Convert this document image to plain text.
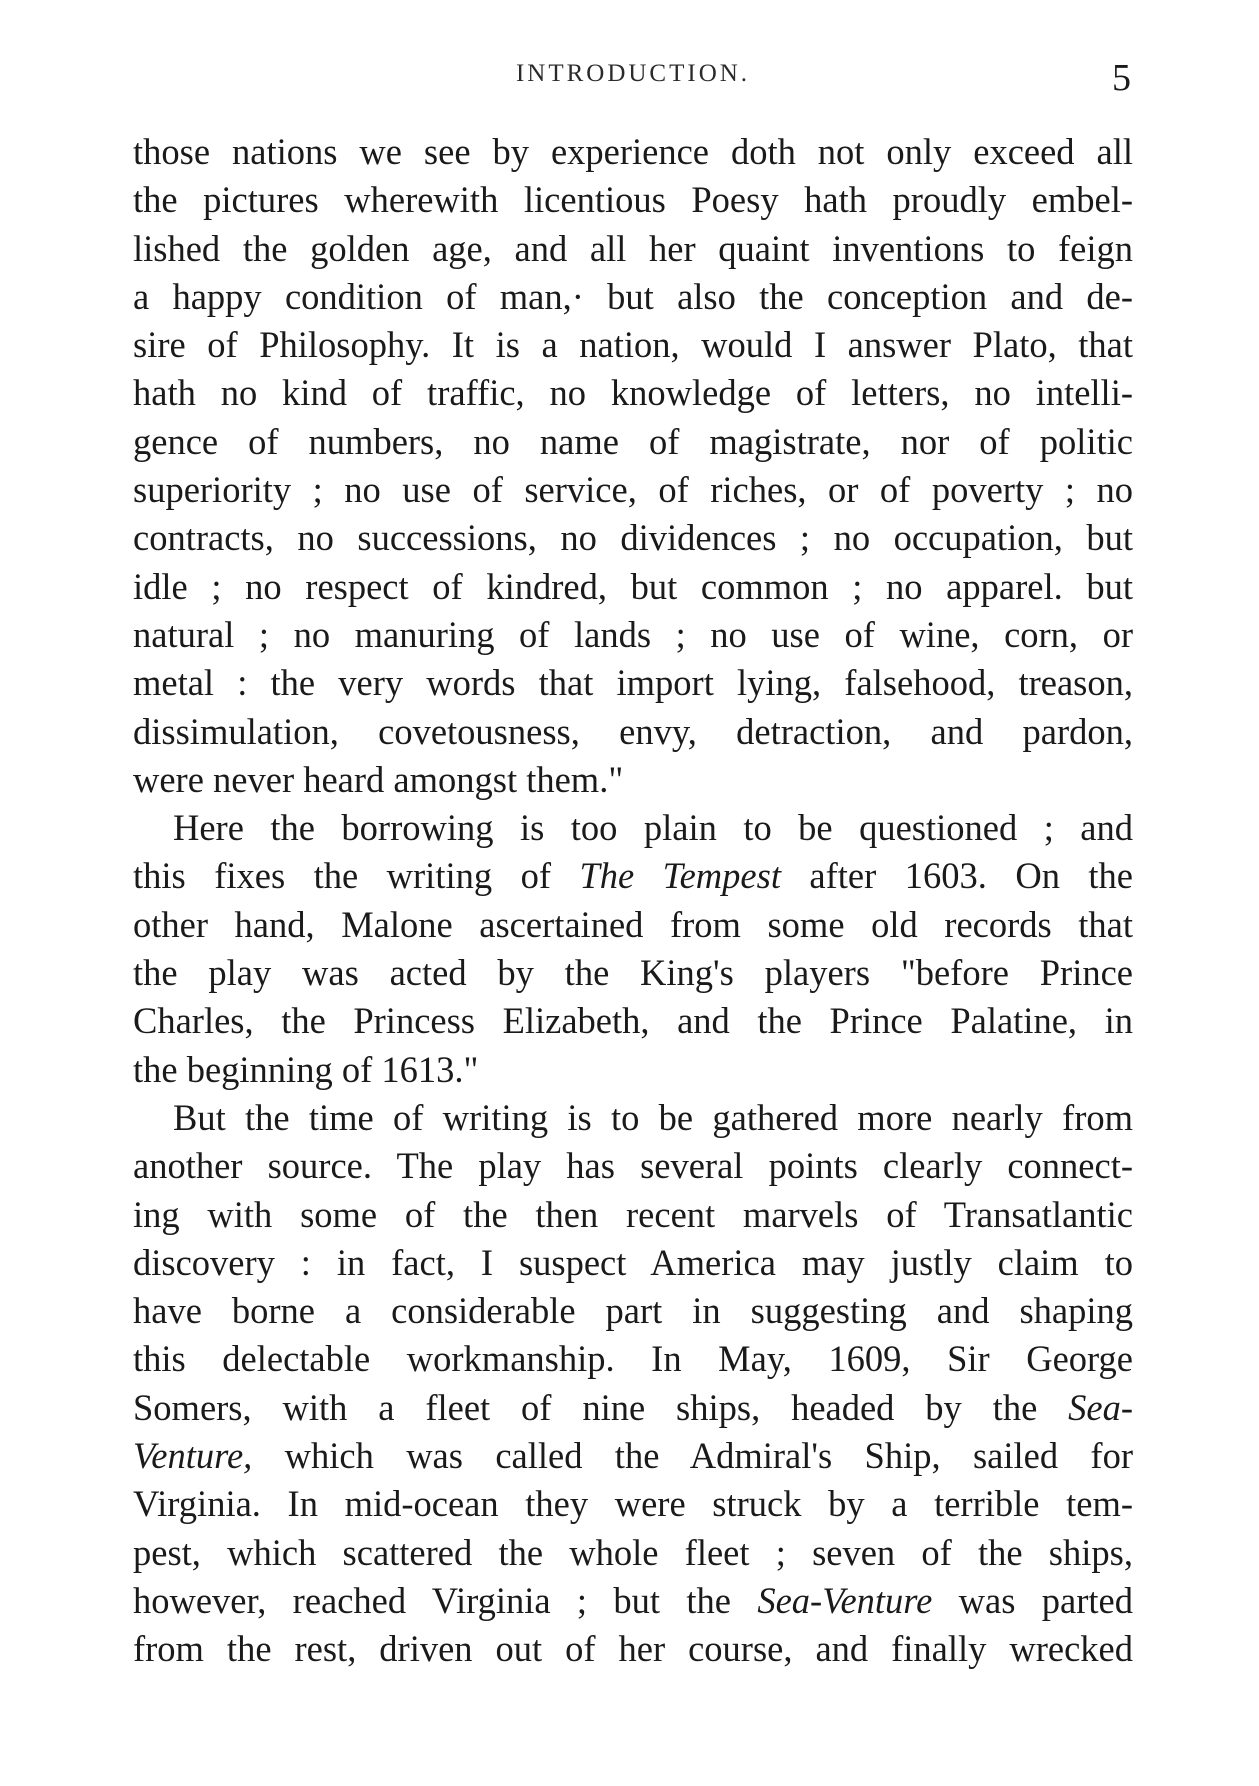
INTRODUCTION.	5
those nations we see by experience doth not only exceed all
the pictures wherewith licentious Poesy hath proudly embel-
lished the golden age, and all her quaint inventions to feign
a happy condition of man,· but also the conception and de-
sire of Philosophy. It is a nation, would I answer Plato, that
hath no kind of traffic, no knowledge of letters, no intelli-
gence of numbers, no name of magistrate, nor of politic
superiority ; no use of service, of riches, or of poverty ; no
contracts, no successions, no dividences ; no occupation, but
idle ; no respect of kindred, but common ; no apparel. but
natural ; no manuring of lands ; no use of wine, corn, or
metal : the very words that import lying, falsehood, treason,
dissimulation, covetousness, envy, detraction, and pardon,
were never heard amongst them."
Here the borrowing is too plain to be questioned ; and
this fixes the writing of The Tempest after 1603. On the
other hand, Malone ascertained from some old records that
the play was acted by the King's players "before Prince
Charles, the Princess Elizabeth, and the Prince Palatine, in
the beginning of 1613."
But the time of writing is to be gathered more nearly from
another source. The play has several points clearly connect-
ing with some of the then recent marvels of Transatlantic
discovery : in fact, I suspect America may justly claim to
have borne a considerable part in suggesting and shaping
this delectable workmanship. In May, 1609, Sir George
Somers, with a fleet of nine ships, headed by the Sea-
Venture, which was called the Admiral's Ship, sailed for
Virginia. In mid-ocean they were struck by a terrible tem-
pest, which scattered the whole fleet ; seven of the ships,
however, reached Virginia ; but the Sea-Venture was parted
from the rest, driven out of her course, and finally wrecked
